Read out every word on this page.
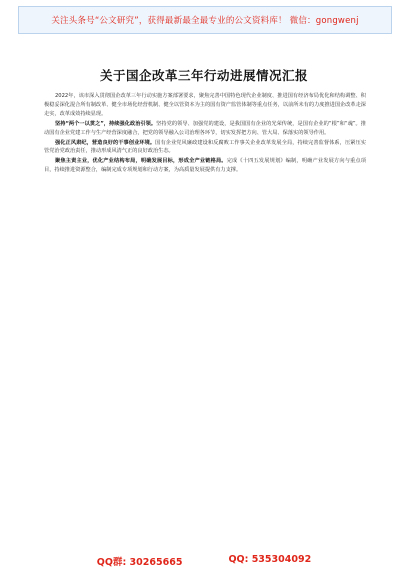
关注头条号“公文研究”，获得最新最全最专业的公文资料库！ 微信：gongwenj
关于国企改革三年行动进展情况汇报

2022年，该市深入贯彻国企改革三年行动实施方案部署要求，聚焦完善中国特色现代企业制度、推进国有经济布局优化和结构调整、积极稳妥深化混合所有制改革、健全市场化经营机制、健全以管资本为主的国有资产监管体制等重点任务，以前所未有的力度推进国企改革走深走实，改革成效持续显现。

坚持“两个一以贯之”，持续强化政治引领。坚持党的领导、加强党的建设，是我国国有企业的光荣传统，是国有企业的“根”和“魂”。推动国有企业党建工作与生产经营深度融合，把党的领导融入公司治理各环节，切实发挥把方向、管大局、保落实的领导作用。

强化正风肃纪，营造良好的干事创业环境。国有企业党风廉政建设和反腐败工作事关企业改革发展全局，持续完善监督体系，压紧压实管党治党政治责任，推动形成风清气正的良好政治生态。

聚焦主责主业，优化产业结构布局，明确发展目标，形成全产业链格局。完成《十四五发展规划》编制，明确产业发展方向与重点项目，持续推进资源整合，编制完成专项规划和行动方案，为高质量发展提供有力支撑。

QQ群: 30265665	QQ: 535304092
